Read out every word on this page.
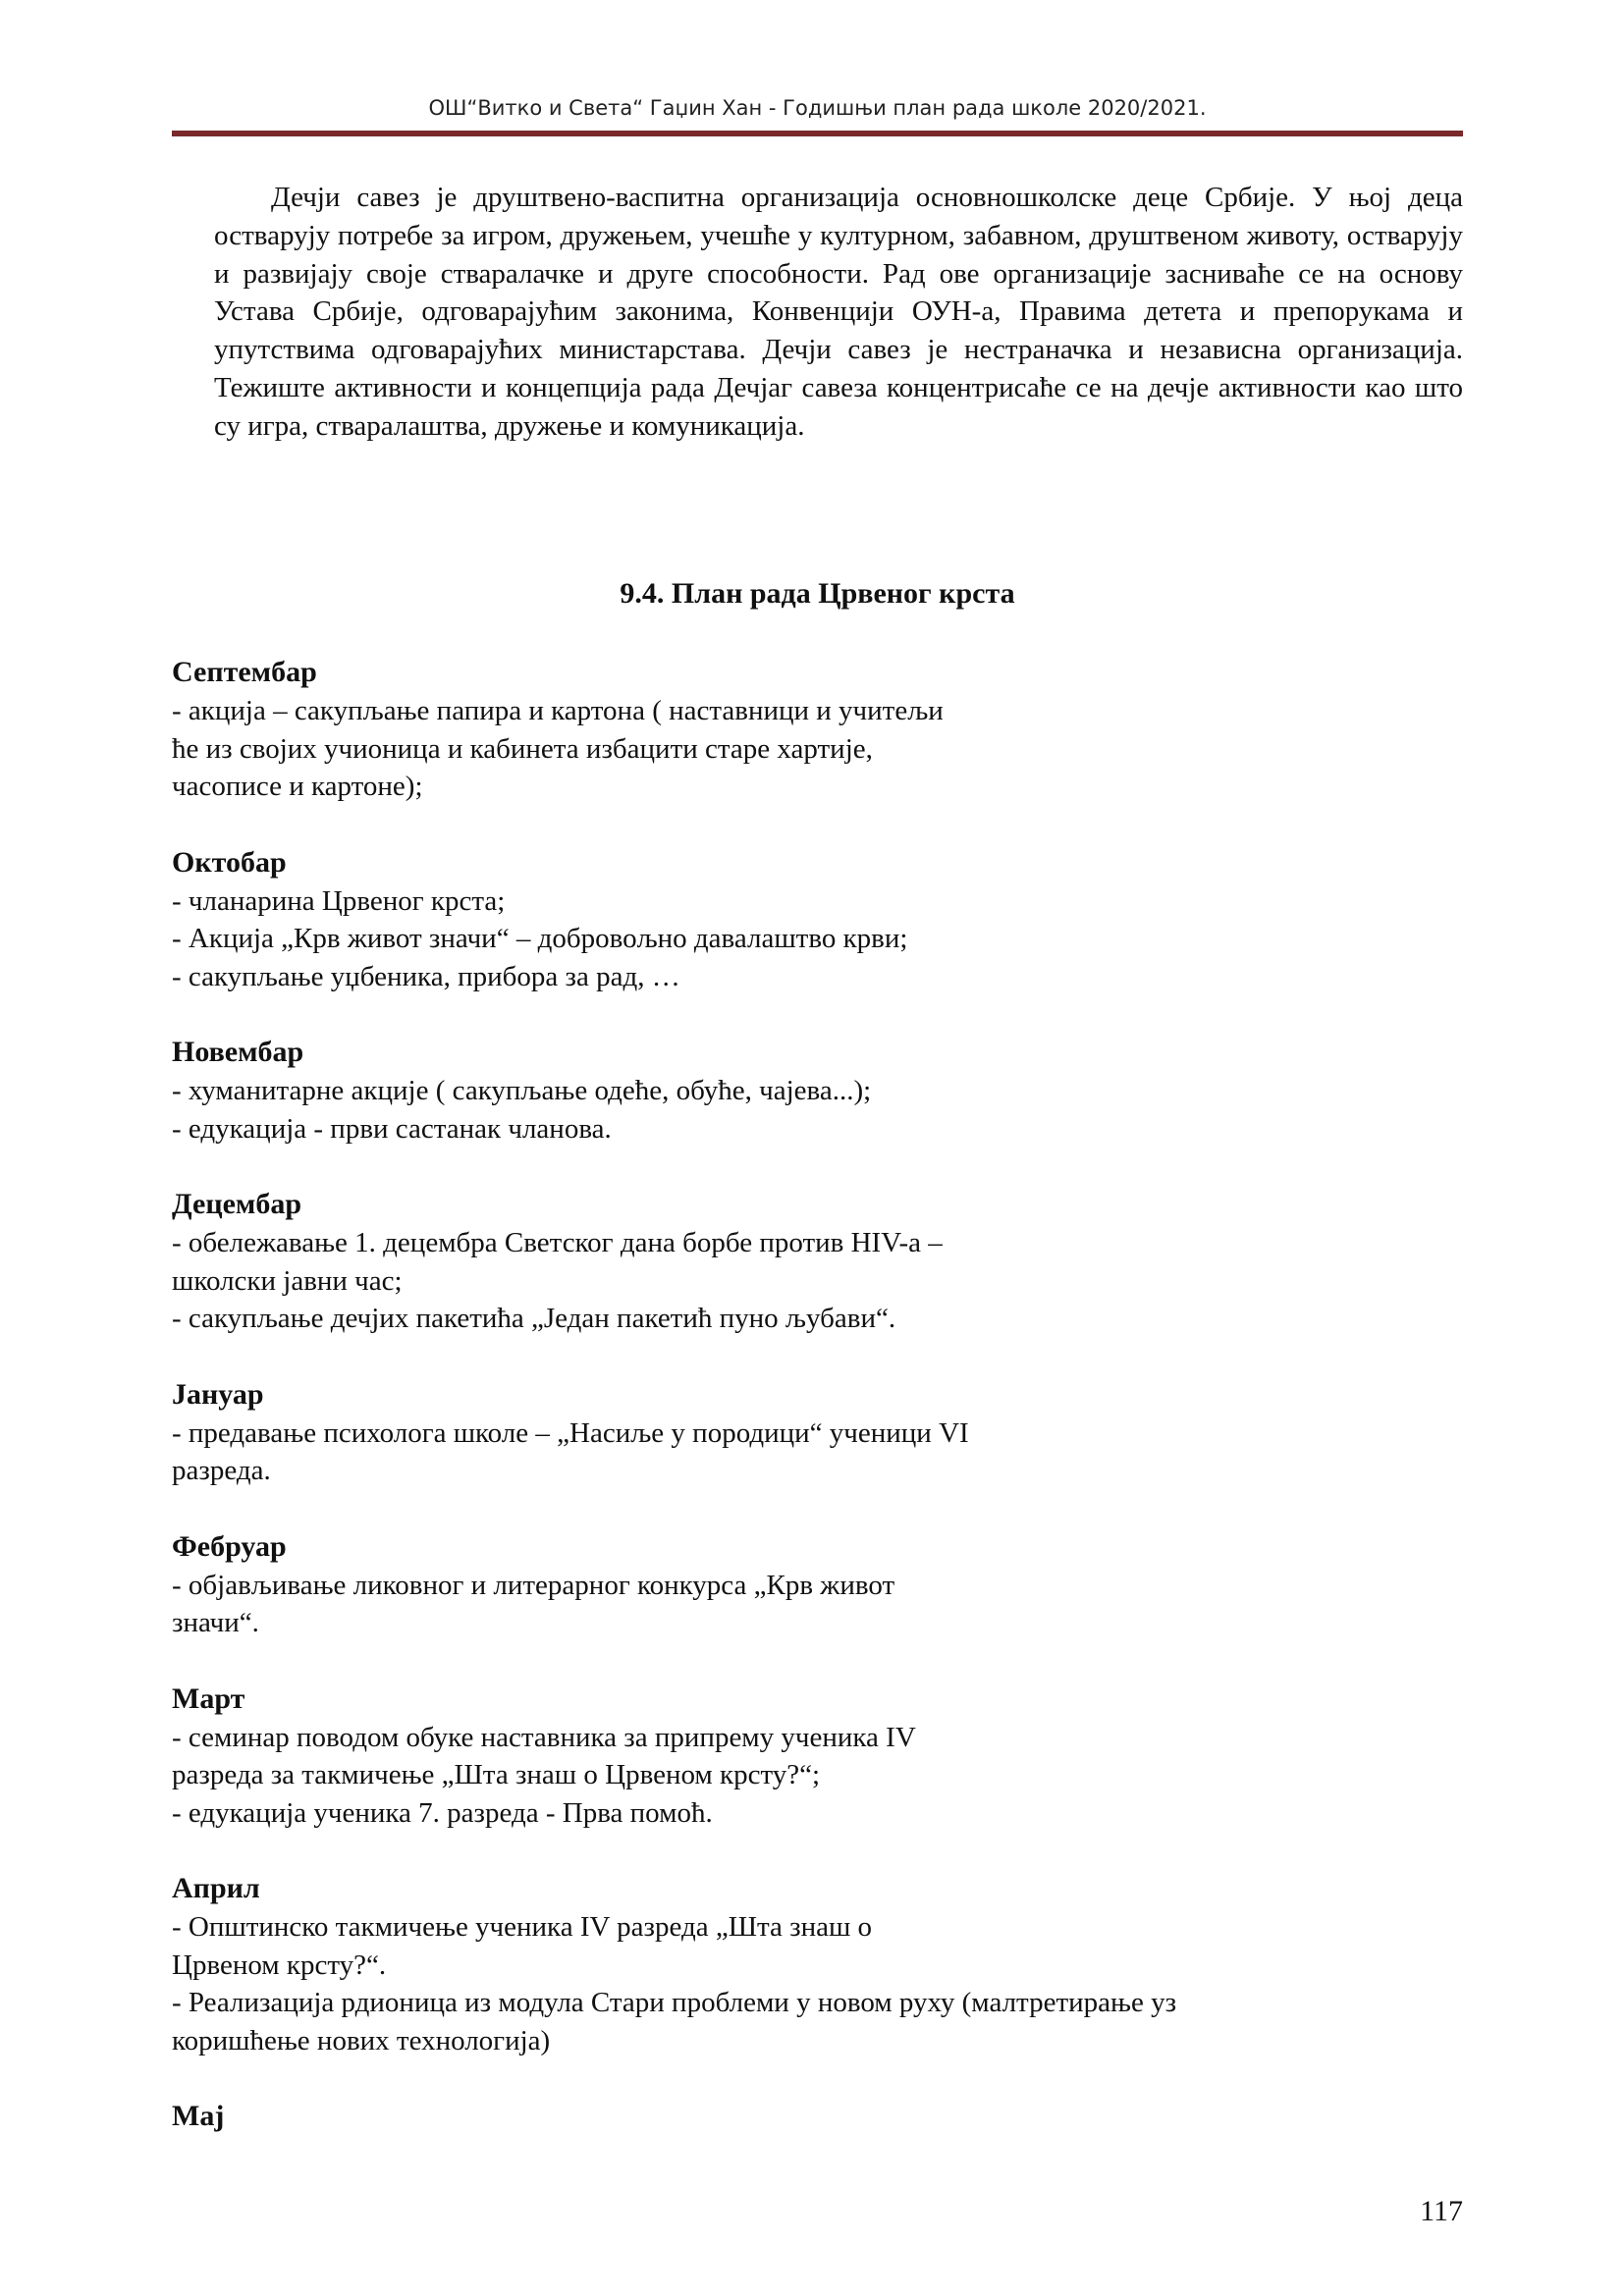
ОШ“Витко и Света“ Гаџин Хан - Годишњи план рада школе 2020/2021.

Дечји савез је друштвено-васпитна организација основношколске деце Србије. У њој деца остварују потребе за игром, дружењем, учешће у културном, забавном, друштвеном животу, остварују и развијају своје стваралачке и друге способности. Рад ове организације засниваће се на основу Устава Србије, одговарајућим законима, Конвенцији ОУН-а, Правима детета и препорукама и упутствима одговарајућих министарстава. Дечји савез је нестраначка и независна организација. Тежиште активности и концепција рада Дечјаг савеза концентрисаће се на дечје активности као што су игра, стваралаштва, дружење и комуникација.

9.4. План рада Црвеног крста
Септембар
- акција – сакупљање папира и картона ( наставници и учитељи
ће из својих учионица и кабинета избацити старе хартије,
часописе и картоне);
Октобар
- чланарина Црвеног крста;
- Акција „Крв живот значи“ – добровољно давалаштво крви;
- сакупљање уџбеника, прибора за рад, …
Новембар
- хуманитарне акције ( сакупљање одеће, обуће, чајева...);
- едукација - први састанак чланова.
Децембар
- обележавање 1. децембра Светског дана борбе против HIV-а –
школски јавни час;
- сакупљање дечјих пакетића „Један пакетић пуно љубави“.
Јануар
- предавање психолога школе – „Насиље у породици“ ученици VI
разреда.
Фебруар
- објављивање ликовног и литерарног конкурса „Крв живот
значи“.
Март
- семинар поводом обуке наставника за припрему ученика IV
разреда за такмичење „Шта знаш о Црвеном крсту?“;
- едукација ученика 7. разреда - Прва помоћ.
Април
- Општинско такмичење ученика IV разреда „Шта знаш о
Црвеном крсту?“.
- Реализација рдионица из модула Стари проблеми у новом руху (малтретирање уз
коришћење нових технологија)
Мај
117
